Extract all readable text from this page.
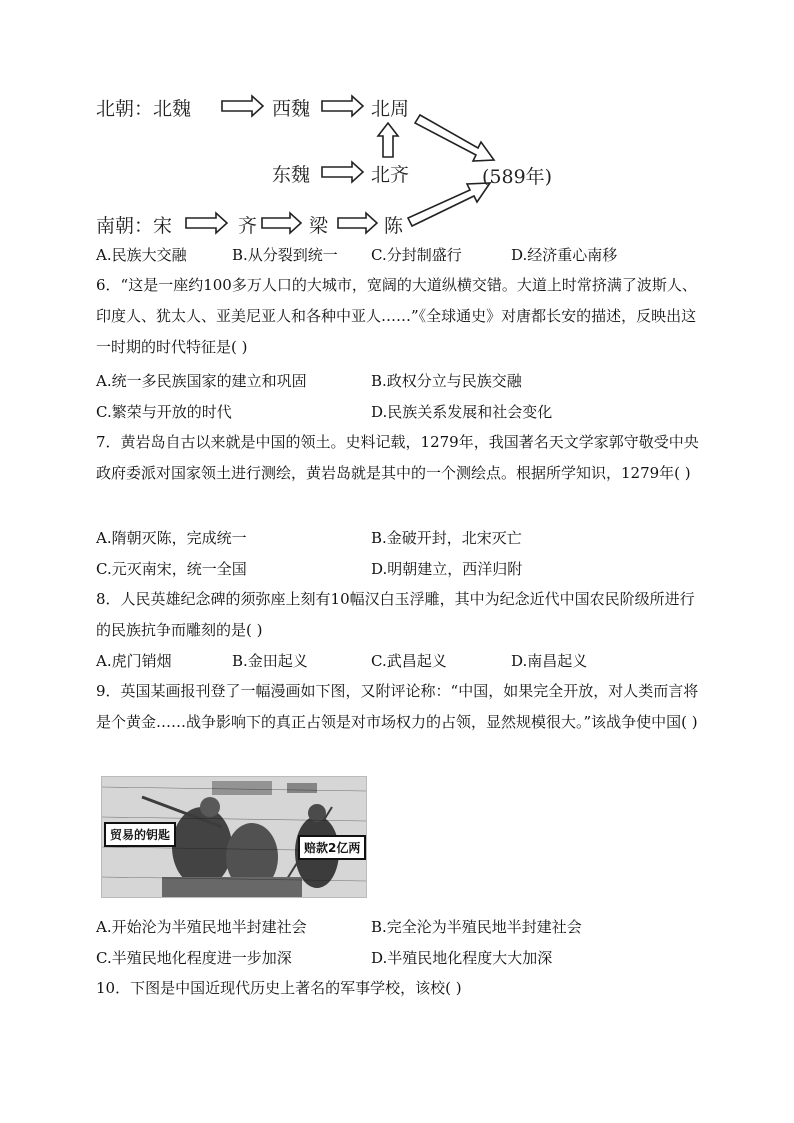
北朝：北魏	西魏	北周
东魏	北齐	(589年)
南朝：宋	齐	梁	陈
A.民族大交融	B.从分裂到统一 C.分封制盛行	D.经济重心南移
6．“这是一座约100多万人口的大城市，宽阔的大道纵横交错。大道上时常挤满了波斯人、印度人、犹太人、亚美尼亚人和各种中亚人……”《全球通史》对唐都长安的描述，反映出这一时期的时代特征是( )
A.统一多民族国家的建立和巩固	B.政权分立与民族交融
C.繁荣与开放的时代	D.民族关系发展和社会变化
7．黄岩岛自古以来就是中国的领土。史料记载，1279年，我国著名天文学家郭守敬受中央政府委派对国家领土进行测绘，黄岩岛就是其中的一个测绘点。根据所学知识，1279年( )
A.隋朝灭陈，完成统一	B.金破开封，北宋灭亡
C.元灭南宋，统一全国	D.明朝建立，西洋归附
8．人民英雄纪念碑的须弥座上刻有10幅汉白玉浮雕，其中为纪念近代中国农民阶级所进行的民族抗争而雕刻的是( )
A.虎门销烟	B.金田起义	C.武昌起义	D.南昌起义
9．英国某画报刊登了一幅漫画如下图，又附评论称：“中国，如果完全开放，对人类而言将是个黄金……战争影响下的真正占领是对市场权力的占领，显然规模很大。”该战争使中国( )
贸易的钥匙
赔款2亿两
A.开始沦为半殖民地半封建社会	B.完全沦为半殖民地半封建社会
C.半殖民地化程度进一步加深	D.半殖民地化程度大大加深
10．下图是中国近现代历史上著名的军事学校，该校( )
